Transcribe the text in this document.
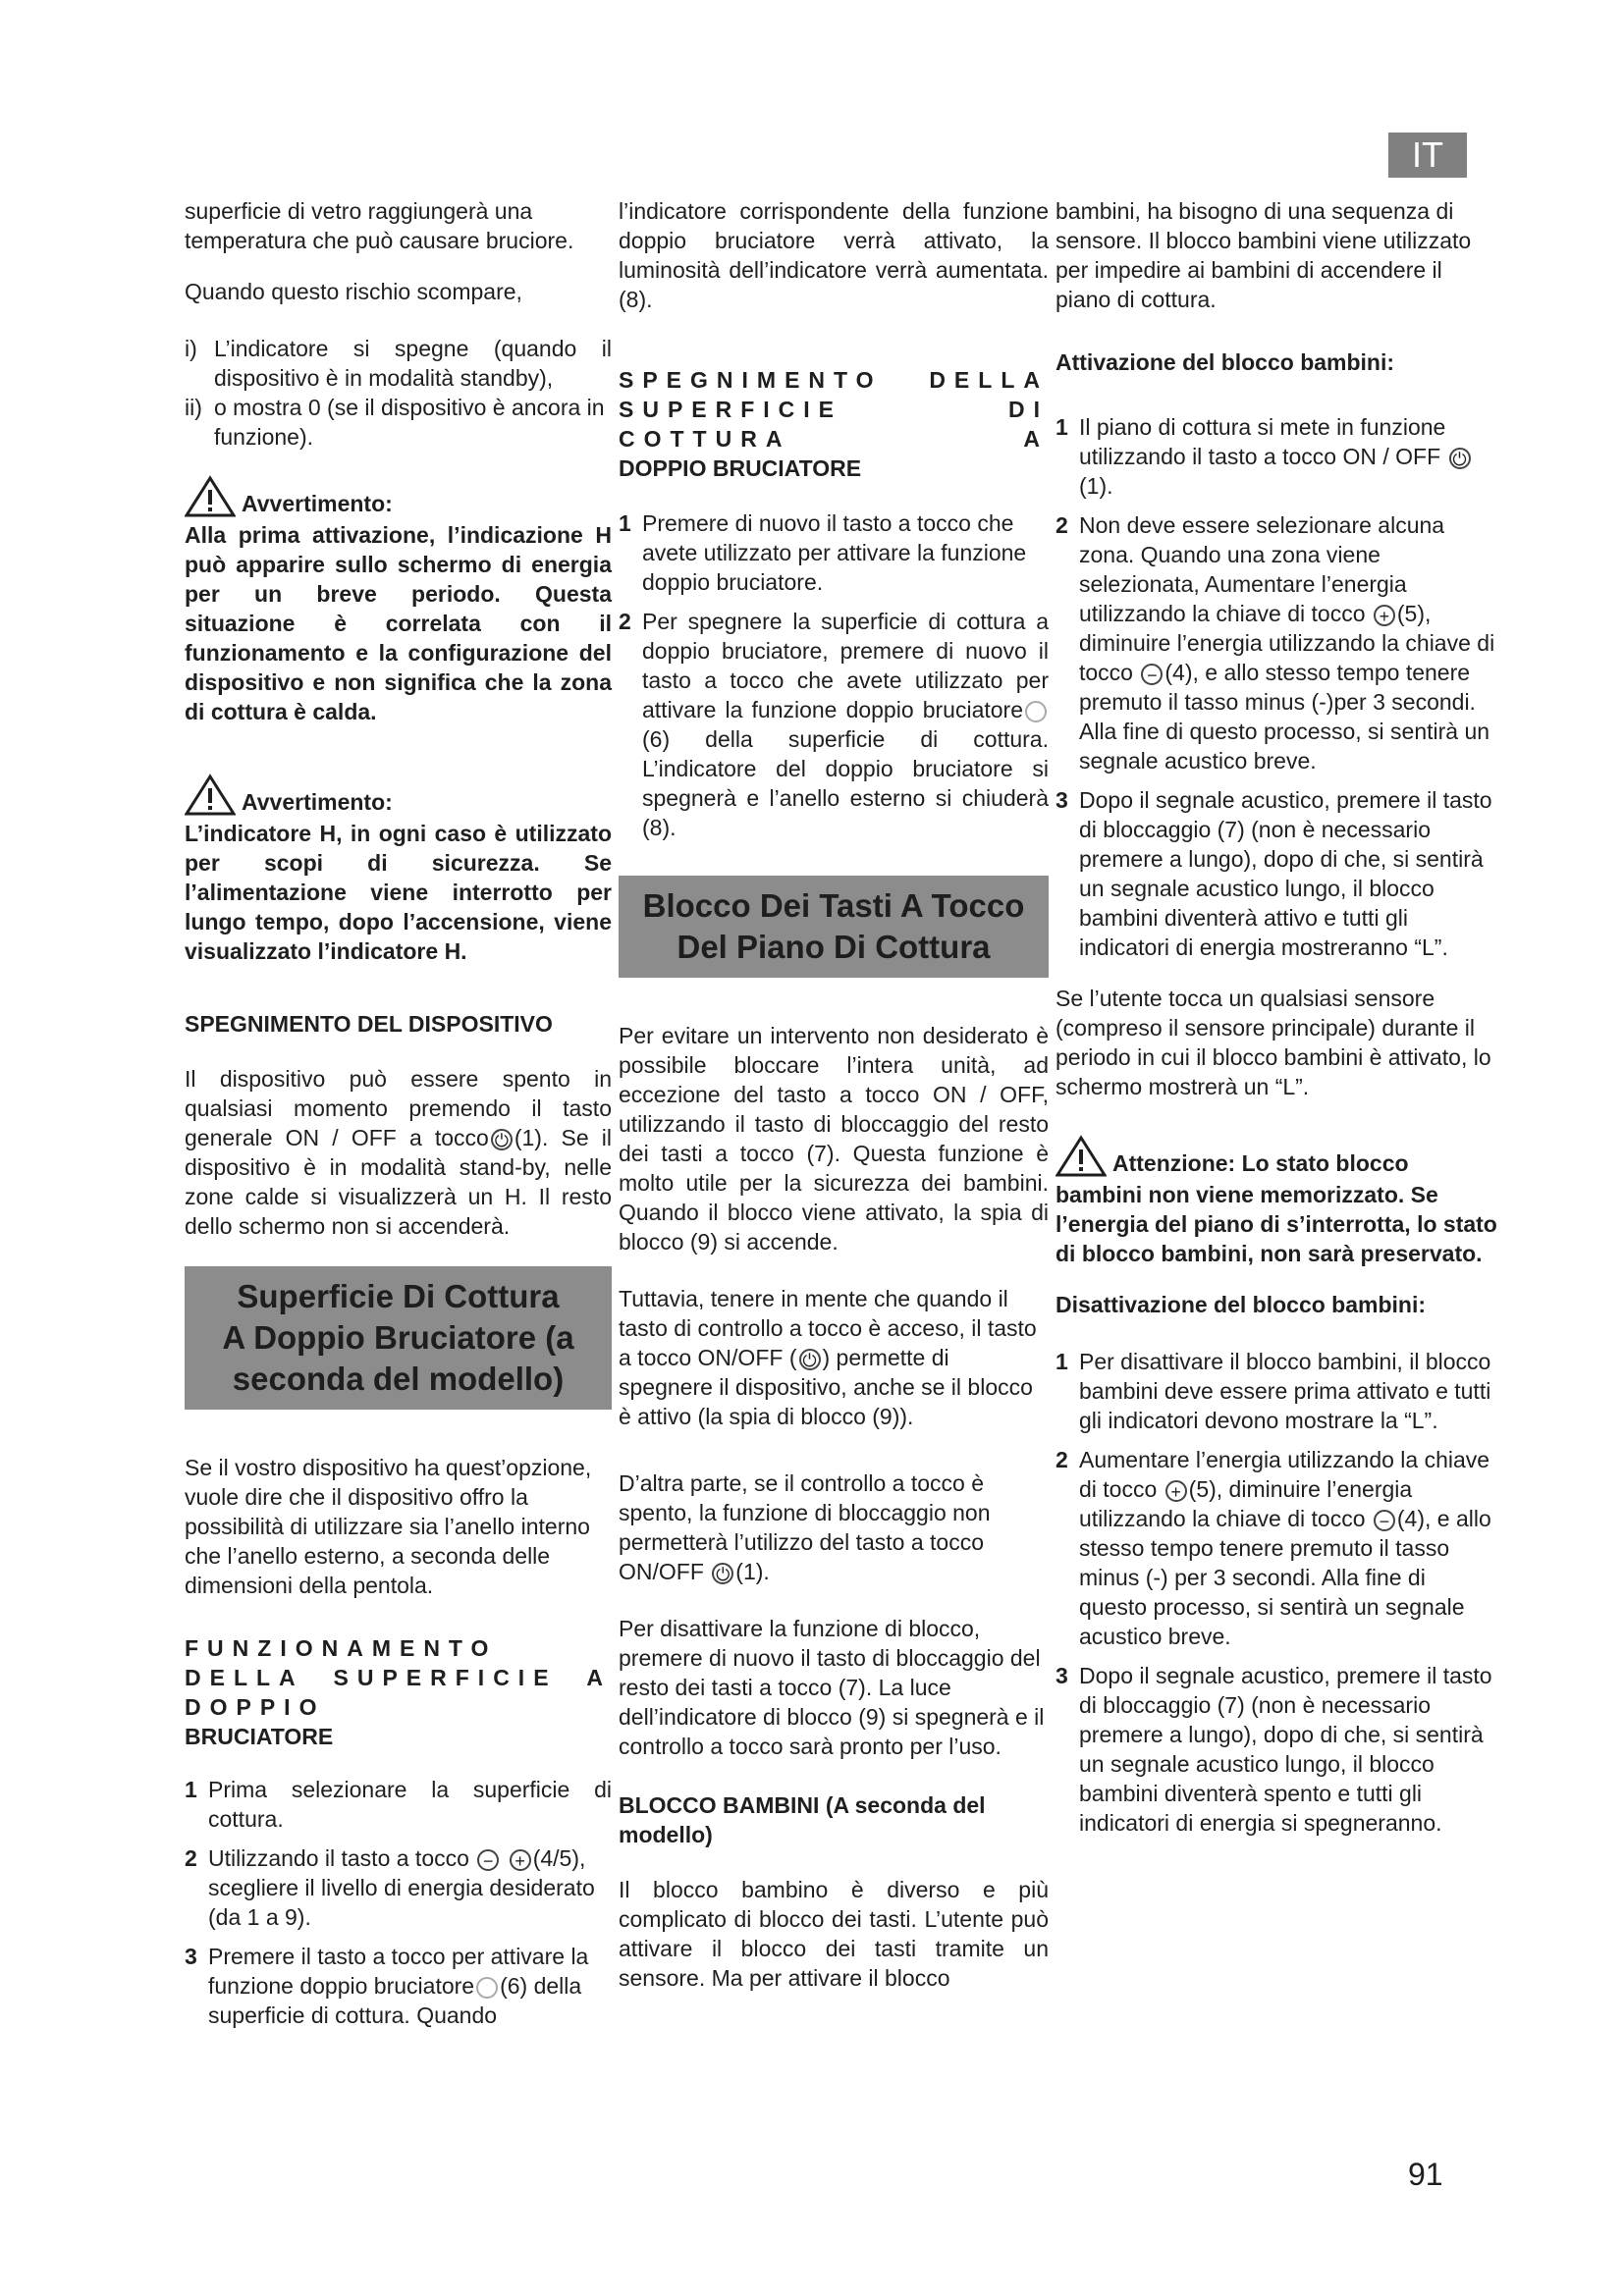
IT

superficie di vetro raggiungerà una temperatura che può causare bruciore.

Quando questo rischio scompare,

i) L’indicatore si spegne (quando il dispositivo è in modalità standby),
ii) o mostra 0 (se il dispositivo è ancora in funzione).
Avvertimento:

Alla prima attivazione, l’indicazione H può apparire sullo schermo di energia per un breve periodo. Questa situazione è correlata con il funzionamento e la configurazione del dispositivo e non significa che la zona di cottura è calda.

Avvertimento:

L’indicatore H, in ogni caso è utilizzato per scopi di sicurezza. Se l’alimentazione viene interrotto per lungo tempo, dopo l’accensione, viene visualizzato l’indicatore H.

SPEGNIMENTO DEL DISPOSITIVO

Il dispositivo può essere spento in qualsiasi momento premendo il tasto generale ON / OFF a tocco ⏻ (1). Se il dispositivo è in modalità stand-by, nelle zone calde si visualizzerà un H. Il resto dello schermo non si accenderà.

Superficie Di Cottura
A Doppio Bruciatore (a
seconda del modello)

Se il vostro dispositivo ha quest’opzione, vuole dire che il dispositivo offro la possibilità di utilizzare sia l’anello interno che l’anello esterno, a seconda delle dimensioni della pentola.

FUNZIONAMENTO DELLA SUPERFICIE A DOPPIO
BRUCIATORE
1 Prima selezionare la superficie di cottura.
2 Utilizzando il tasto a tocco − + (4/5), scegliere il livello di energia desiderato (da 1 a 9).
3 Premere il tasto a tocco per attivare la funzione doppio bruciatore (6) della superficie di cottura. Quando

l’indicatore corrispondente della funzione doppio bruciatore verrà attivato, la luminosità dell’indicatore verrà aumentata. (8).

SPEGNIMENTO DELLA SUPERFICIE DI COTTURA A
DOPPIO BRUCIATORE
1 Premere di nuovo il tasto a tocco che avete utilizzato per attivare la funzione doppio bruciatore.
2 Per spegnere la superficie di cottura a doppio bruciatore, premere di nuovo il tasto a tocco che avete utilizzato per attivare la funzione doppio bruciatore(6) della superficie di cottura. L’indicatore del doppio bruciatore si spegnerà e l’anello esterno si chiuderà (8).
Blocco Dei Tasti A Tocco
Del Piano Di Cottura

Per evitare un intervento non desiderato è possibile bloccare l’intera unità, ad eccezione del tasto a tocco ON / OFF, utilizzando il tasto di bloccaggio del resto dei tasti a tocco (7). Questa funzione è molto utile per la sicurezza dei bambini. Quando il blocco viene attivato, la spia di blocco (9) si accende.

Tuttavia, tenere in mente che quando il tasto di controllo a tocco è acceso, il tasto a tocco ON/OFF ( ⏻ ) permette di spegnere il dispositivo, anche se il blocco è attivo (la spia di blocco (9)).

D’altra parte, se il controllo a tocco è spento, la funzione di bloccaggio non permetterà l’utilizzo del tasto a tocco ON/OFF ⏻ (1).

Per disattivare la funzione di blocco, premere di nuovo il tasto di bloccaggio del resto dei tasti a tocco (7). La luce dell’indicatore di blocco (9) si spegnerà e il controllo a tocco sarà pronto per l’uso.

BLOCCO BAMBINI (A seconda del modello)

Il blocco bambino è diverso e più complicato di blocco dei tasti. L’utente può attivare il blocco dei tasti tramite un sensore. Ma per attivare il blocco

bambini, ha bisogno di una sequenza di sensore. Il blocco bambini viene utilizzato per impedire ai bambini di accendere il piano di cottura.

Attivazione del blocco bambini:

1 Il piano di cottura si mete in funzione utilizzando il tasto a tocco ON / OFF ⏻(1).
2 Non deve essere selezionare alcuna zona. Quando una zona viene selezionata, Aumentare l’energia utilizzando la chiave di tocco + (5), diminuire l’energia utilizzando la chiave di tocco − (4), e allo stesso tempo tenere premuto il tasso minus (-)per 3 secondi. Alla fine di questo processo, si sentirà un segnale acustico breve.
3 Dopo il segnale acustico, premere il tasto di bloccaggio (7) (non è necessario premere a lungo), dopo di che, si sentirà un segnale acustico lungo, il blocco bambini diventerà attivo e tutti gli indicatori di energia mostreranno “L”.

Se l’utente tocca un qualsiasi sensore (compreso il sensore principale) durante il periodo in cui il blocco bambini è attivato, lo schermo mostrerà un “L”.

Attenzione: Lo stato blocco

bambini non viene memorizzato. Se l’energia del piano di s’interrotta, lo stato di blocco bambini, non sarà preservato.

Disattivazione del blocco bambini:

1 Per disattivare il blocco bambini, il blocco bambini deve essere prima attivato e tutti gli indicatori devono mostrare la “L”.
2 Aumentare l’energia utilizzando la chiave di tocco + (5), diminuire l’energia utilizzando la chiave di tocco − (4), e allo stesso tempo tenere premuto il tasso minus (-) per 3 secondi. Alla fine di questo processo, si sentirà un segnale acustico breve.
3 Dopo il segnale acustico, premere il tasto di bloccaggio (7) (non è necessario premere a lungo), dopo di che, si sentirà un segnale acustico lungo, il blocco bambini diventerà spento e tutti gli indicatori di energia si spegneranno.
91
